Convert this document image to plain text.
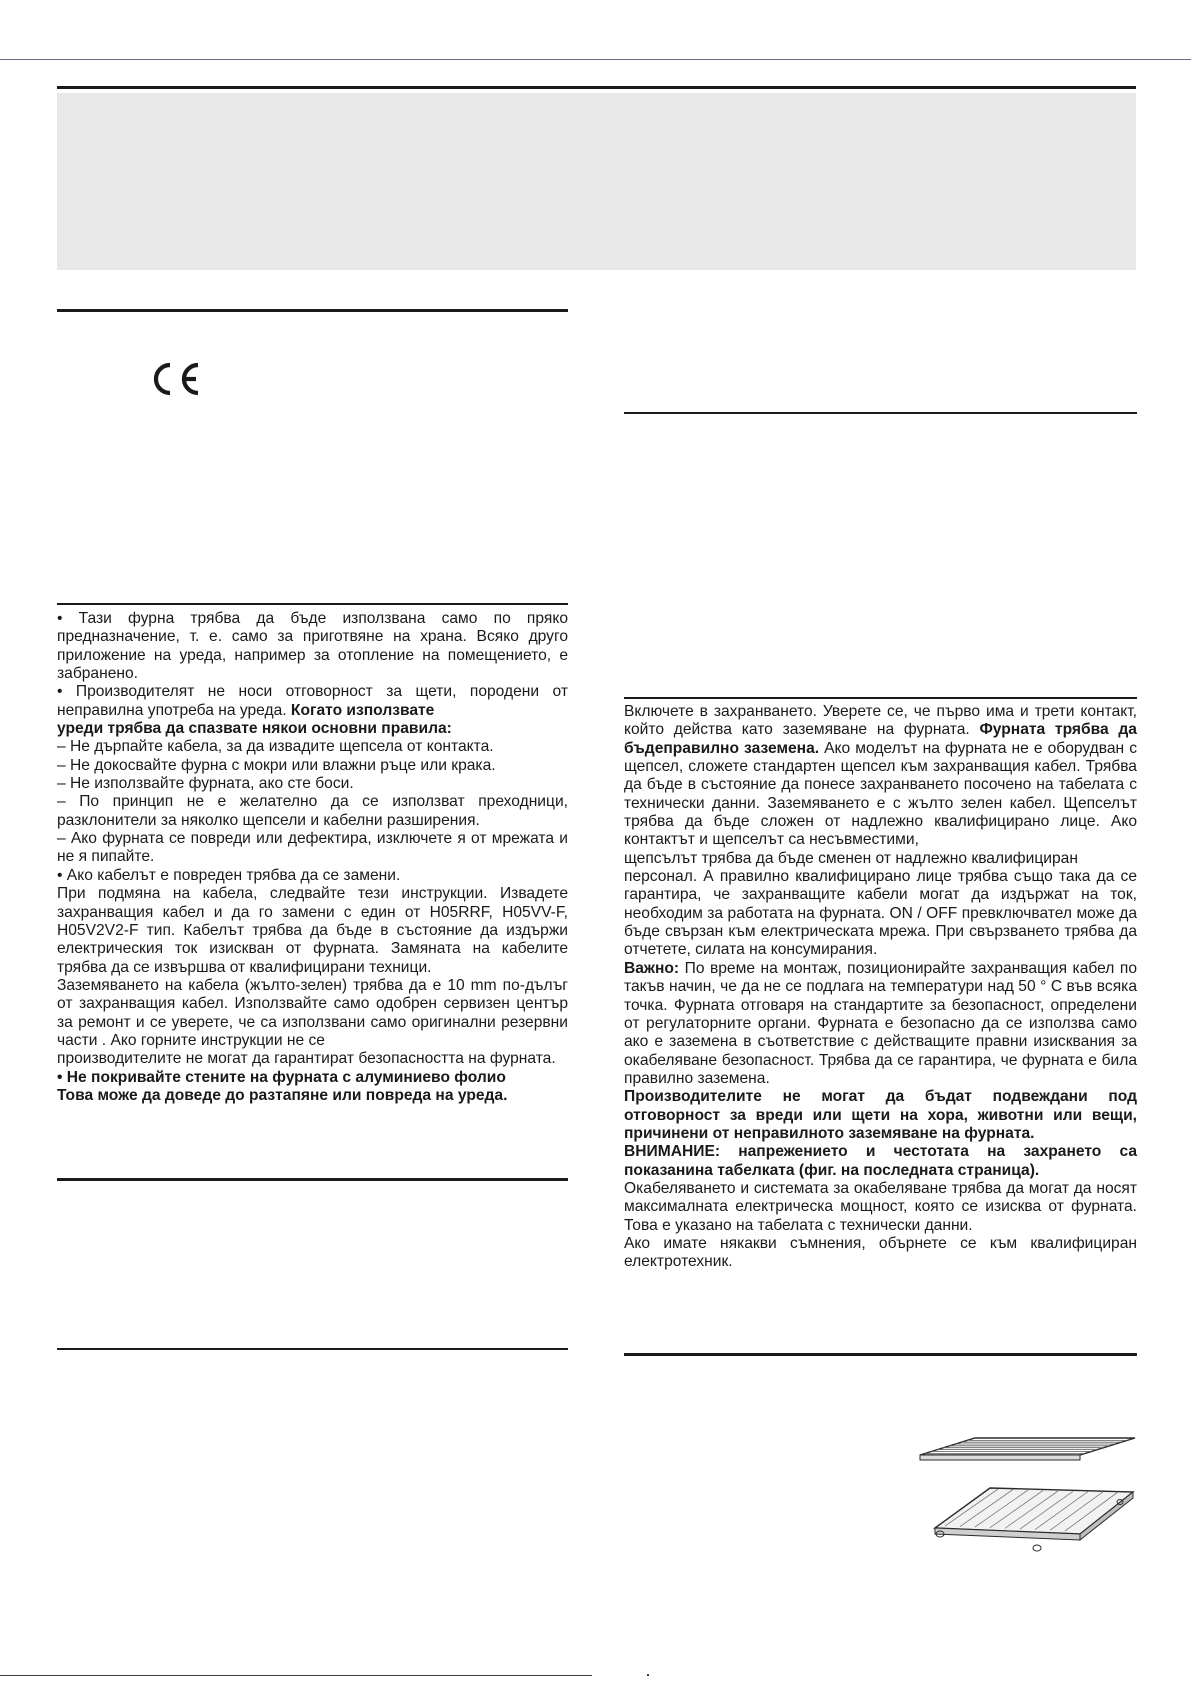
• Тази фурна трябва да бъде използвана само по пряко предназначение, т. е. само за приготвяне на храна. Всяко друго приложение на уреда, например за отопление на помещението, е забранено.

• Производителят не носи отговорност за щети, породени от неправилна употреба на уреда. Когато използвате

уреди трябва да спазвате някои основни правила:

– Не дърпайте кабела, за да извадите щепсела от контакта.

– Не докосвайте фурна с мокри или влажни ръце или крака.

– Не използвайте фурната, ако сте боси.

– По принцип не е желателно да се използват преходници, разклонители за няколко щепсели и кабелни разширения.

– Ако фурната се повреди или дефектира, изключете я от мрежата и не я пипайте.

• Ако кабелът е повреден трябва да се замени.

При подмяна на кабела, следвайте тези инструкции. Извадете захранващия кабел и да го замени с един от H05RRF, H05VV-F, H05V2V2-F тип. Кабелът трябва да бъде в състояние да издържи електрическия ток изискван от фурната. Замяната на кабелите трябва да се извършва от квалифицирани техници.

Заземяването на кабела (жълто-зелен) трябва да е 10 mm по-дълъг от захранващия кабел. Използвайте само одобрен сервизен център за ремонт и се уверете, че са използвани само оригинални резервни части . Ако горните инструкции не се

производителите не могат да гарантират безопасността на фурната.

• Не покривайте стените на фурната с алуминиево фолио

Това може да доведе до разтапяне или повреда на уреда.

Включете в захранването. Уверете се, че първо има и трети контакт, който действа като заземяване на фурната. Фурната трябва да бъдеправилно заземена. Ако моделът на фурната не е оборудван с щепсел, сложете стандартен щепсел към захранващия кабел. Трябва да бъде в състояние да понесе захранването посочено на табелата с технически данни. Заземяването е с жълто зелен кабел. Щепселът трябва да бъде сложен от надлежно квалифицирано лице. Ако контактът и щепселът са несъвместими,

щепсълът трябва да бъде сменен от надлежно квалифициран

персонал. А правилно квалифицирано лице трябва също така да се гарантира, че захранващите кабели могат да издържат на ток, необходим за работата на фурната. ON / OFF превключвател може да бъде свързан към електрическата мрежа. При свързването трябва да отчетете, силата на консумирания.

Важно: По време на монтаж, позиционирайте захранващия кабел по такъв начин, че да не се подлага на температури над 50 ° С във всяка точка. Фурната отговаря на стандартите за безопасност, определени от регулаторните органи. Фурната е безопасно да се използва само ако е заземена в съответствие с действащите правни изисквания за окабеляване безопасност. Трябва да се гарантира, че фурната е била правилно заземена.

Производителите не могат да бъдат подвеждани под отговорност за вреди или щети на хора, животни или вещи, причинени от неправилното заземяване на фурната.

ВНИМАНИЕ: напрежението и честотата на захрането са показанина табелката (фиг. на последната страница).

Окабеляването и системата за окабеляване трябва да могат да носят максималната електрическа мощност, която се изисква от фурната. Това е указано на табелата с технически данни.

Ако имате някакви съмнения, обърнете се към квалифициран електротехник.
